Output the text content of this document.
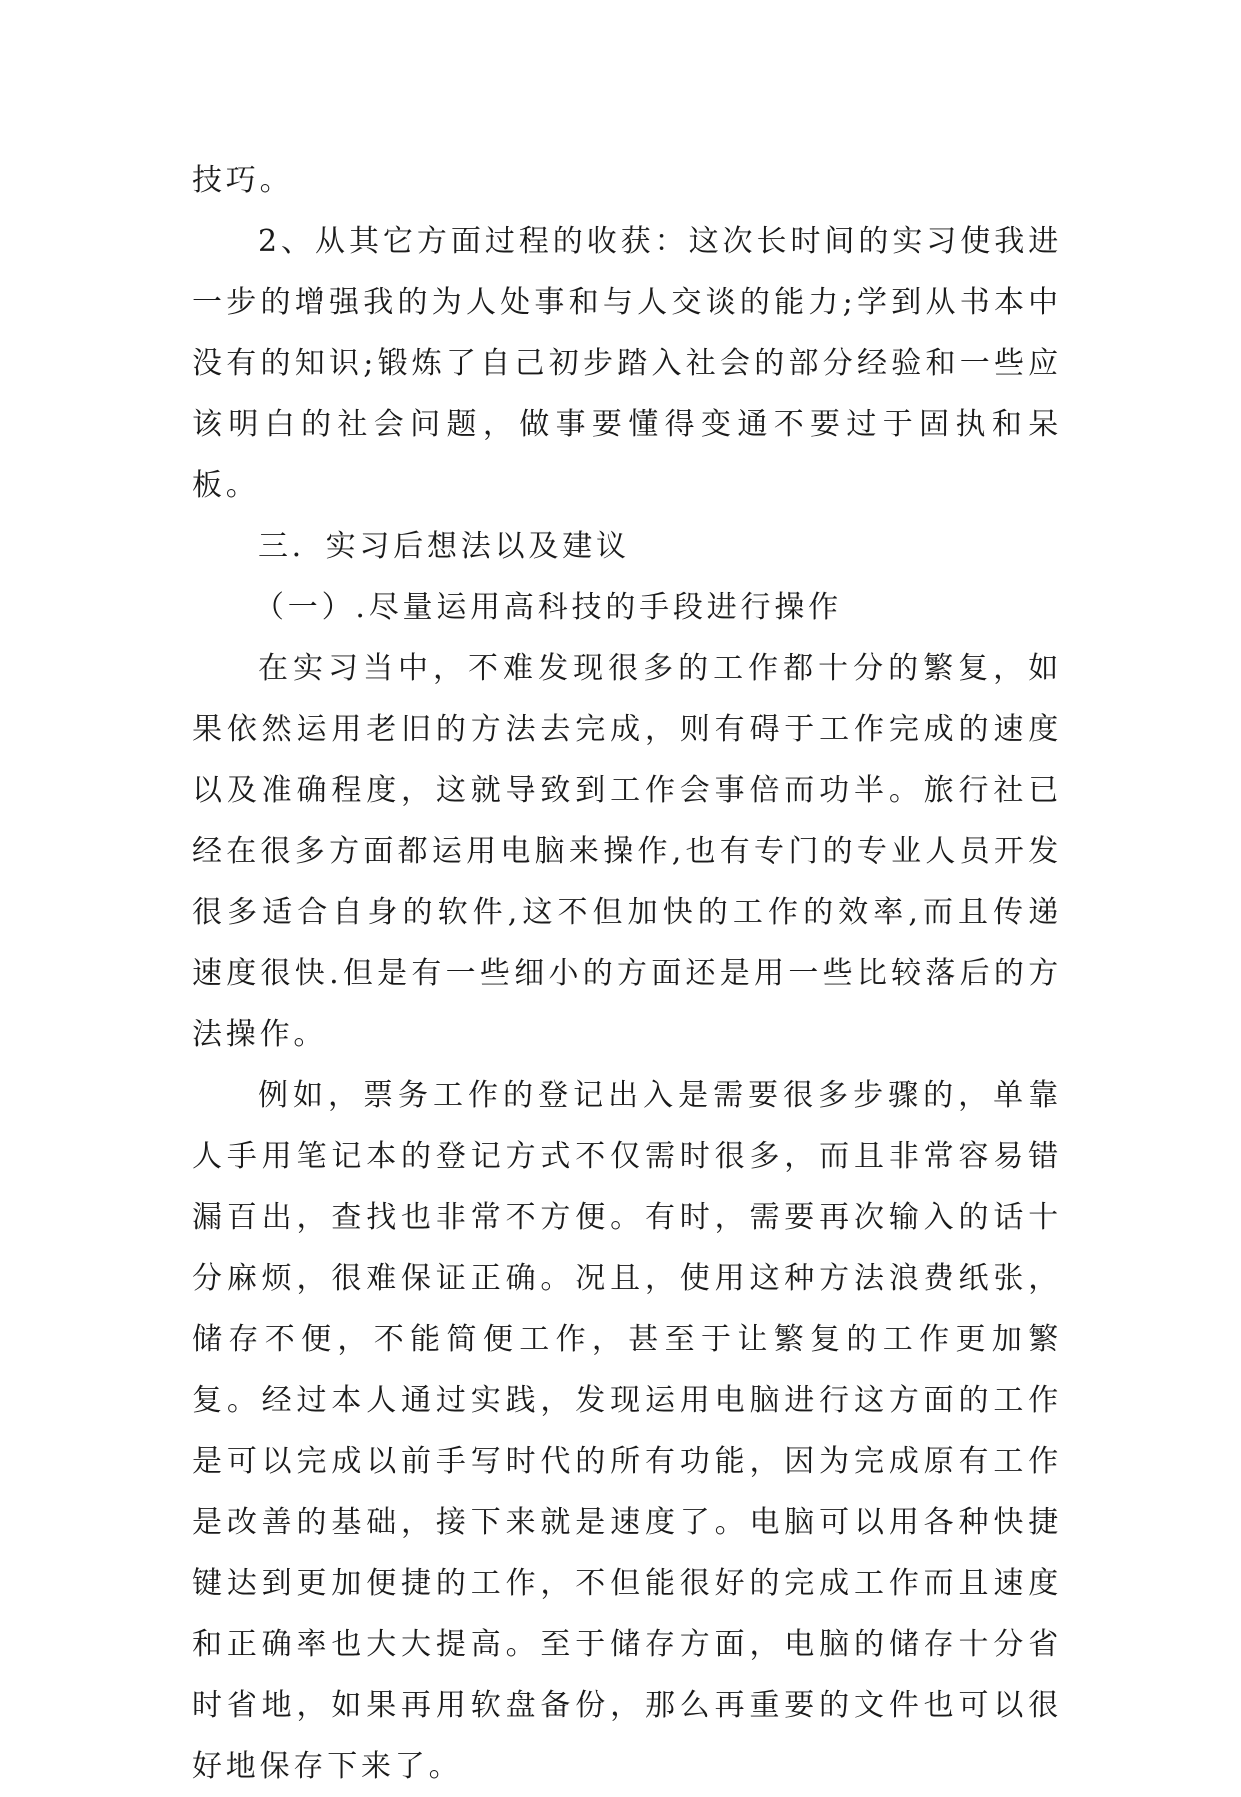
技巧。

2、从其它方面过程的收获：这次长时间的实习使我进一步的增强我的为人处事和与人交谈的能力;学到从书本中没有的知识;锻炼了自己初步踏入社会的部分经验和一些应该明白的社会问题，做事要懂得变通不要过于固执和呆板。

三．实习后想法以及建议

（一）.尽量运用高科技的手段进行操作

在实习当中，不难发现很多的工作都十分的繁复，如果依然运用老旧的方法去完成，则有碍于工作完成的速度以及准确程度，这就导致到工作会事倍而功半。旅行社已经在很多方面都运用电脑来操作,也有专门的专业人员开发很多适合自身的软件,这不但加快的工作的效率,而且传递速度很快.但是有一些细小的方面还是用一些比较落后的方法操作。

例如，票务工作的登记出入是需要很多步骤的，单靠人手用笔记本的登记方式不仅需时很多，而且非常容易错漏百出，查找也非常不方便。有时，需要再次输入的话十分麻烦，很难保证正确。况且，使用这种方法浪费纸张，储存不便，不能简便工作，甚至于让繁复的工作更加繁复。经过本人通过实践，发现运用电脑进行这方面的工作是可以完成以前手写时代的所有功能，因为完成原有工作是改善的基础，接下来就是速度了。电脑可以用各种快捷键达到更加便捷的工作，不但能很好的完成工作而且速度和正确率也大大提高。至于储存方面，电脑的储存十分省时省地，如果再用软盘备份，那么再重要的文件也可以很好地保存下来了。
